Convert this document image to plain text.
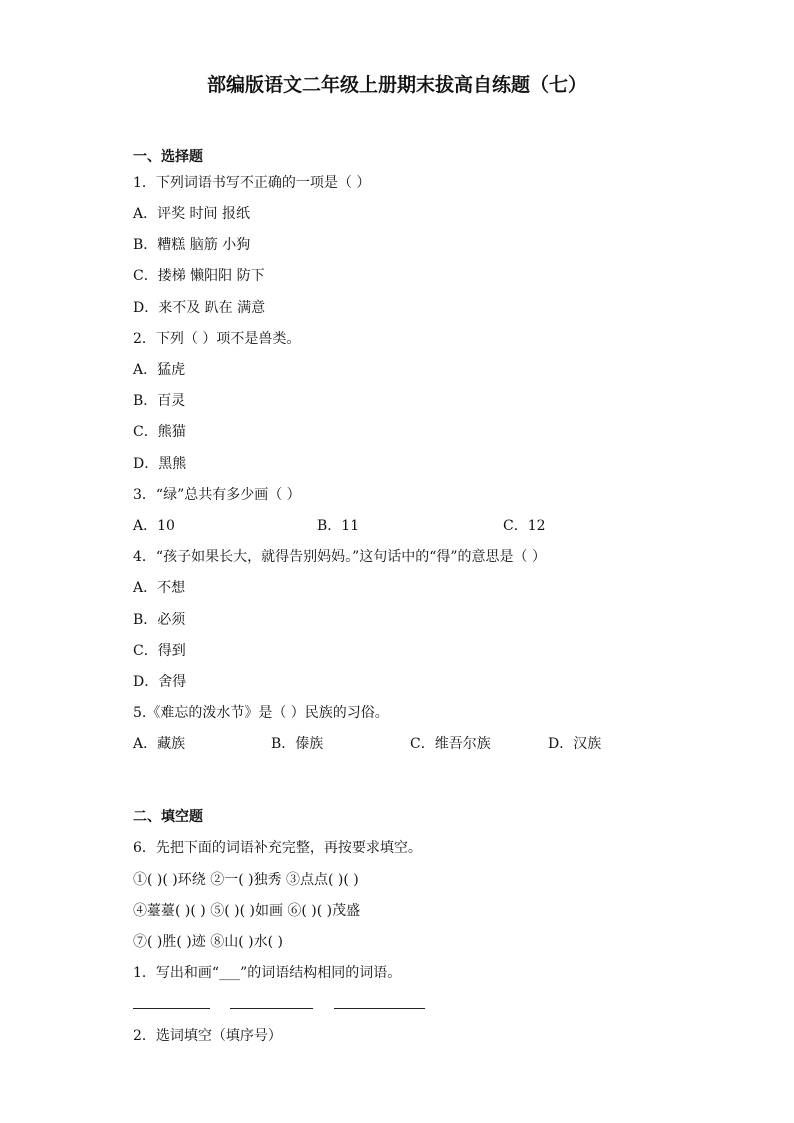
部编版语文二年级上册期末拔高自练题（七）
一、选择题
1．下列词语书写不正确的一项是（ ）
A．评奖 时间 报纸
B．糟糕 脑筋 小狗
C．搂梯 懒阳阳 防下
D．来不及 趴在 满意
2．下列（ ）项不是兽类。
A．猛虎
B．百灵
C．熊猫
D．黑熊
3．“绿”总共有多少画（ ）
A．10	B．11	C．12
4．“孩子如果长大，就得告别妈妈。”这句话中的“得”的意思是（ ）
A．不想
B．必须
C．得到
D．舍得
5.《难忘的泼水节》是（ ）民族的习俗。
A．藏族	B．傣族	C．维吾尔族	D．汉族
二、填空题
6．先把下面的词语补充完整，再按要求填空。
①( )( )环绕 ②一( )独秀 ③点点( )( )
④薹薹( )( ) ⑤( )( )如画 ⑥( )( )茂盛
⑦( )胜( )迹 ⑧山( )水( )
1．写出和画“___”的词语结构相同的词语。
2．选词填空（填序号）
